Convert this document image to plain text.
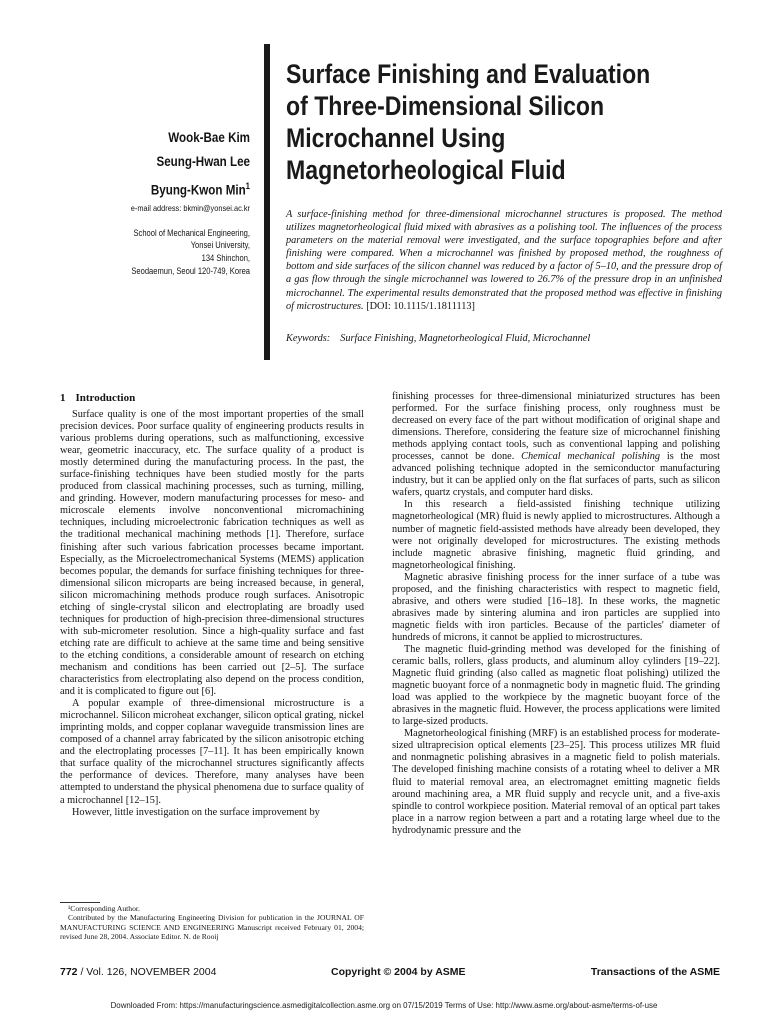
Wook-Bae Kim
Seung-Hwan Lee
Byung-Kwon Min$^1$
e-mail address: bkmin@yonsei.ac.kr
School of Mechanical Engineering,
Yonsei University,
134 Shinchon,
Seodaemun, Seoul 120-749, Korea
Surface Finishing and Evaluation
of Three-Dimensional Silicon
Microchannel Using
Magnetorheological Fluid
A surface-finishing method for three-dimensional microchannel structures is proposed. The method utilizes magnetorheological fluid mixed with abrasives as a polishing tool. The influences of the process parameters on the material removal were investigated, and the surface topographies before and after finishing were compared. When a microchannel was finished by proposed method, the roughness of bottom and side surfaces of the silicon channel was reduced by a factor of 5–10, and the pressure drop of a gas flow through the single microchannel was lowered to 26.7% of the pressure drop in an unfinished microchannel. The experimental results demonstrated that the proposed method was effective in finishing of microstructures. [DOI: 10.1115/1.1811113]
Keywords: Surface Finishing, Magnetorheological Fluid, Microchannel
1 Introduction

Surface quality is one of the most important properties of the small precision devices. Poor surface quality of engineering products results in various problems during operations, such as malfunctioning, excessive wear, geometric inaccuracy, etc. The surface quality of a product is mostly determined during the manufacturing process. In the past, the surface-finishing techniques have been studied mostly for the parts produced from classical machining processes, such as turning, milling, and grinding. However, modern manufacturing processes for meso- and microscale elements involve nonconventional micromachining techniques, including microelectronic fabrication techniques as well as the traditional mechanical machining methods [1]. Therefore, surface finishing after such various fabrication processes became important. Especially, as the Microelectromechanical Systems (MEMS) application becomes popular, the demands for surface finishing techniques for three-dimensional silicon microparts are being increased because, in general, silicon micromachining methods produce rough surfaces. Anisotropic etching of single-crystal silicon and electroplating are broadly used techniques for production of high-precision three-dimensional structures with sub-micrometer resolution. Since a high-quality surface and fast etching rate are difficult to achieve at the same time and being sensitive to the etching conditions, a considerable amount of research on etching mechanism and conditions has been carried out [2–5]. The surface characteristics from electroplating also depend on the process condition, and it is complicated to figure out [6].

A popular example of three-dimensional microstructure is a microchannel. Silicon microheat exchanger, silicon optical grating, nickel imprinting molds, and copper coplanar waveguide transmission lines are composed of a channel array fabricated by the silicon anisotropic etching and the electroplating processes [7–11]. It has been empirically known that surface quality of the microchannel structures significantly affects the performance of devices. Therefore, many analyses have been attempted to understand the physical phenomena due to surface quality of a microchannel [12–15].

However, little investigation on the surface improvement by

finishing processes for three-dimensional miniaturized structures has been performed. For the surface finishing process, only roughness must be decreased on every face of the part without modification of original shape and dimensions. Therefore, considering the feature size of microchannel finishing methods applying contact tools, such as conventional lapping and polishing processes, cannot be done. Chemical mechanical polishing is the most advanced polishing technique adopted in the semiconductor manufacturing industry, but it can be applied only on the flat surfaces of parts, such as silicon wafers, quartz crystals, and computer hard disks.

In this research a field-assisted finishing technique utilizing magnetorheological (MR) fluid is newly applied to microstructures. Although a number of magnetic field-assisted methods have already been developed, they were not originally developed for microstructures. The existing methods include magnetic abrasive finishing, magnetic fluid grinding, and magnetorheological finishing.

Magnetic abrasive finishing process for the inner surface of a tube was proposed, and the finishing characteristics with respect to magnetic field, abrasive, and others were studied [16–18]. In these works, the magnetic abrasives made by sintering alumina and iron particles are supplied into magnetic fields with iron particles. Because of the particles' diameter of hundreds of microns, it cannot be applied to microstructures.

The magnetic fluid-grinding method was developed for the finishing of ceramic balls, rollers, glass products, and aluminum alloy cylinders [19–22]. Magnetic fluid grinding (also called as magnetic float polishing) utilized the magnetic buoyant force of a nonmagnetic body in magnetic fluid. The grinding load was applied to the workpiece by the magnetic buoyant force of the abrasives in the magnetic fluid. However, the process applications were limited to large-sized products.

Magnetorheological finishing (MRF) is an established process for moderate-sized ultraprecision optical elements [23–25]. This process utilizes MR fluid and nonmagnetic polishing abrasives in a magnetic field to polish materials. The developed finishing machine consists of a rotating wheel to deliver a MR fluid to material removal area, an electromagnet emitting magnetic fields around machining area, a MR fluid supply and recycle unit, and a five-axis spindle to control workpiece position. Material removal of an optical part takes place in a narrow region between a part and a rotating large wheel due to the hydrodynamic pressure and the

¹Corresponding Author.

Contributed by the Manufacturing Engineering Division for publication in the JOURNAL OF MANUFACTURING SCIENCE AND ENGINEERING Manuscript received February 01, 2004; revised June 28, 2004. Associate Editor. N. de Rooij

772 / Vol. 126, NOVEMBER 2004	Copyright © 2004 by ASME	Transactions of the ASME
Downloaded From: https://manufacturingscience.asmedigitalcollection.asme.org on 07/15/2019 Terms of Use: http://www.asme.org/about-asme/terms-of-use
